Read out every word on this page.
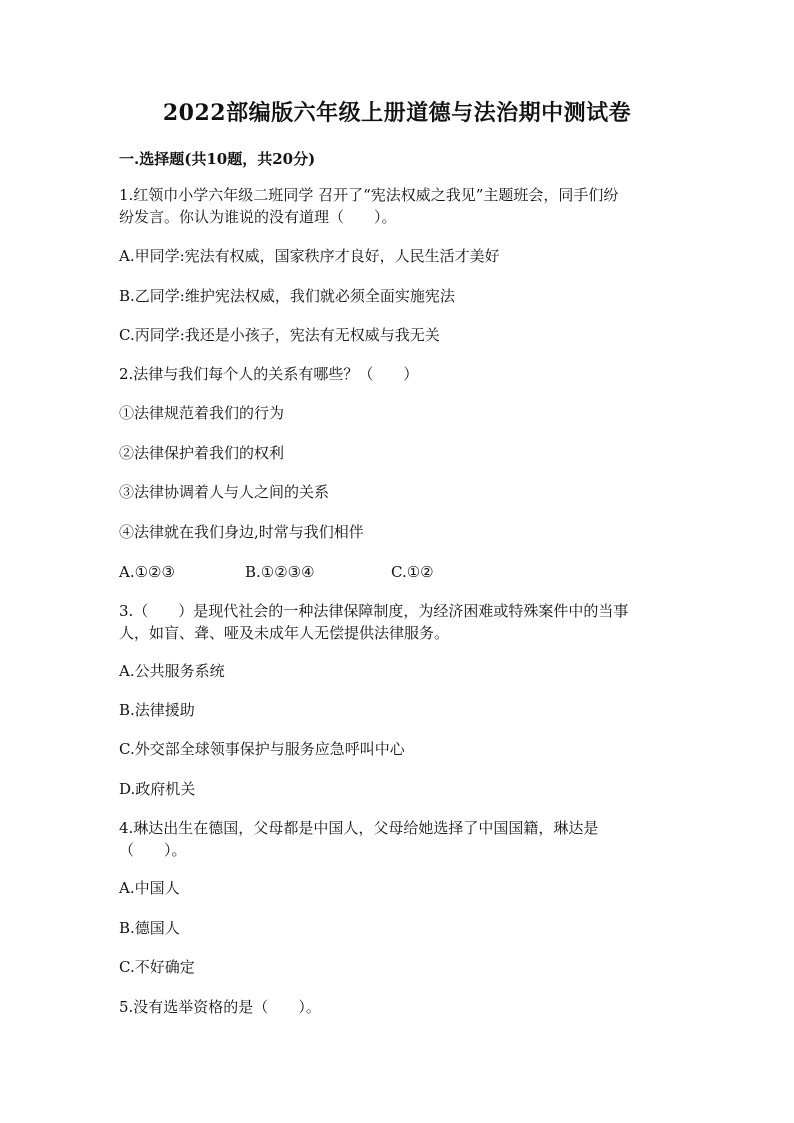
2022部编版六年级上册道德与法治期中测试卷
一.选择题(共10题，共20分)
1.红领巾小学六年级二班同学 召开了“宪法权威之我见”主题班会，同手们纷
纷发言。你认为谁说的没有道理（　　）。
A.甲同学:宪法有权威，国家秩序才良好，人民生活才美好
B.乙同学:维护宪法权威，我们就必须全面实施宪法
C.丙同学:我还是小孩子，宪法有无权威与我无关
2.法律与我们每个人的关系有哪些？（　　）
①法律规范着我们的行为
②法律保护着我们的权利
③法律协调着人与人之间的关系
④法律就在我们身边,时常与我们相伴
A.①②③	B.①②③④	C.①②
3.（　　）是现代社会的一种法律保障制度，为经济困难或特殊案件中的当事
人，如盲、聋、哑及未成年人无偿提供法律服务。
A.公共服务系统
B.法律援助
C.外交部全球领事保护与服务应急呼叫中心
D.政府机关
4.琳达出生在德国，父母都是中国人，父母给她选择了中国国籍，琳达是
（　　）。
A.中国人
B.德国人
C.不好确定
5.没有选举资格的是（　　）。
